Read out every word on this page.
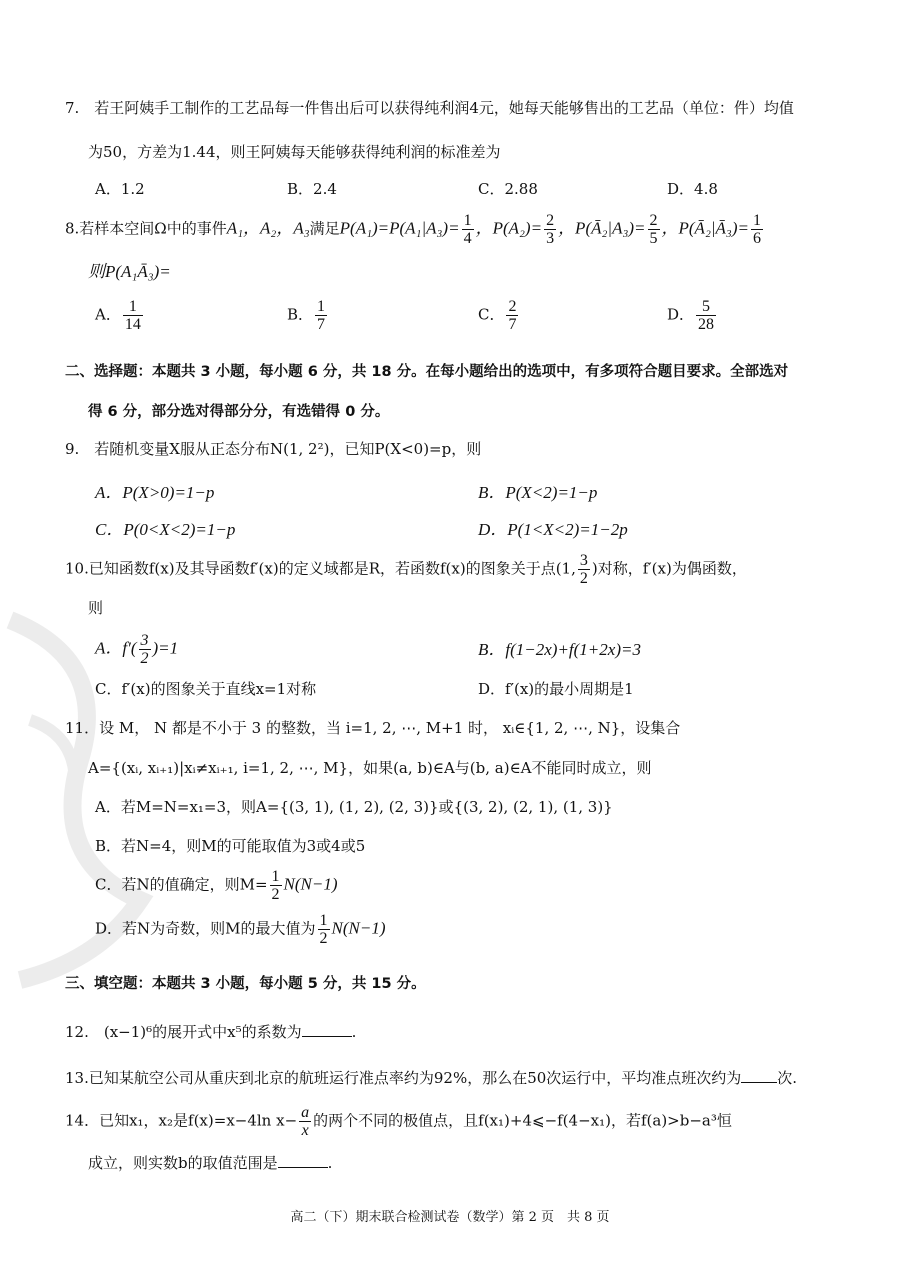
7.　若王阿姨手工制作的工艺品每一件售出后可以获得纯利润4元，她每天能够售出的工艺品（单位：件）均值
为50，方差为1.44，则王阿姨每天能够获得纯利润的标准差为
A．1.2	B．2.4	C．2.88	D．4.8
8.若样本空间Ω中的事件A₁，A₂，A₃满足$P(A_1)=P(A_1|A_3)= \frac{1}{4}$ ，$P(A_2)= \frac{2}{3}$ ，P(Ā₂|A₃)= $\frac{2}{5}$ ，P(Ā₂|Ā₃)= $\frac{1}{6}$
则P(A₁Ā₃)=
A． $\frac{1}{14}$	B． $\frac{1}{7}$	C． $\frac{2}{7}$	D． $\frac{5}{28}$
二、选择题：本题共 3 小题，每小题 6 分，共 18 分。在每小题给出的选项中，有多项符合题目要求。全部选对
得 6 分，部分选对得部分分，有选错得 0 分。
9.　若随机变量X服从正态分布N(1, 2²)，已知P(X<0)=p，则
A．P(X>0)=1−p	B．P(X<2)=1−p
C．P(0<X<2)=1−p	D．P(1<X<2)=1−2p
10.已知函数f(x)及其导函数f′(x)的定义域都是R，若函数f(x)的图象关于点(1, $\frac{3}{2}$ )对称，f′(x)为偶函数，
则
A．$f'( \frac{3}{2} )=1$	B．f(1−2x)+f(1+2x)=3
C．f′(x)的图象关于直线x=1对称	D．f′(x)的最小周期是1
11．设 M， N 都是不小于 3 的整数，当 i=1, 2, ⋯, M+1 时， xᵢ∈{1, 2, ⋯, N}，设集合
A={(xᵢ, xᵢ₊₁)|xᵢ≠xᵢ₊₁, i=1, 2, ⋯, M}，如果(a, b)∈A与(b, a)∈A不能同时成立，则
A．若M=N=x₁=3，则A={(3, 1), (1, 2), (2, 3)}或{(3, 2), (2, 1), (1, 3)}
B．若N=4，则M的可能取值为3或4或5
C．若N的值确定，则$M= \frac{1}{2} N(N-1)$
D．若N为奇数，则M的最大值为 $\frac{1}{2} N(N-1)$
三、填空题：本题共 3 小题，每小题 5 分，共 15 分。
12.　(x−1)⁶的展开式中x⁵的系数为	.
13.已知某航空公司从重庆到北京的航班运行准点率约为92%，那么在50次运行中，平均准点班次约为 次.
14．已知x₁，x₂是f(x)=x−4ln $x- \frac{a}{x}$ 的两个不同的极值点，且f(x₁)+4⩽−f(4−x₁)，若f(a)>b−a³恒
成立，则实数b的取值范围是	.
高二（下）期末联合检测试卷（数学）第 2 页　共 8 页
